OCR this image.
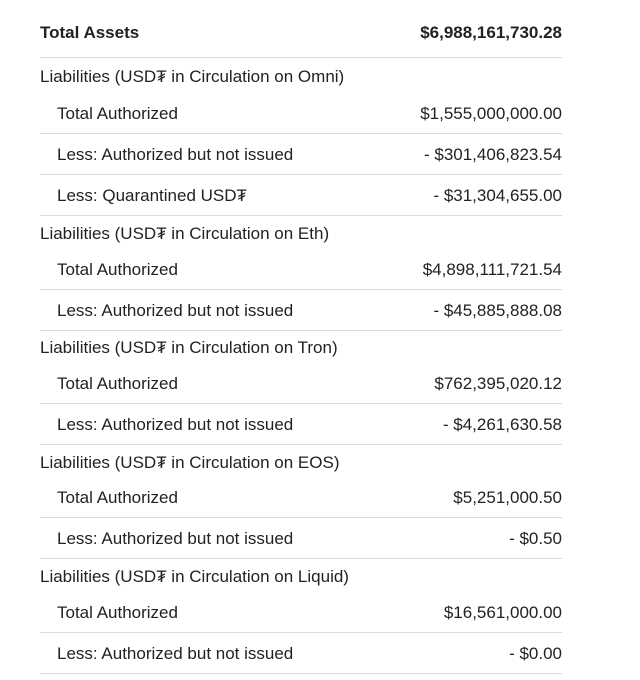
Total Assets	$6,988,161,730.28
Liabilities (USD₮ in Circulation on Omni)
Total Authorized	$1,555,000,000.00
Less: Authorized but not issued	- $301,406,823.54
Less: Quarantined USD₮	- $31,304,655.00
Liabilities (USD₮ in Circulation on Eth)
Total Authorized	$4,898,111,721.54
Less: Authorized but not issued	- $45,885,888.08
Liabilities (USD₮ in Circulation on Tron)
Total Authorized	$762,395,020.12
Less: Authorized but not issued	- $4,261,630.58
Liabilities (USD₮ in Circulation on EOS)
Total Authorized	$5,251,000.50
Less: Authorized but not issued	- $0.50
Liabilities (USD₮ in Circulation on Liquid)
Total Authorized	$16,561,000.00
Less: Authorized but not issued	- $0.00
